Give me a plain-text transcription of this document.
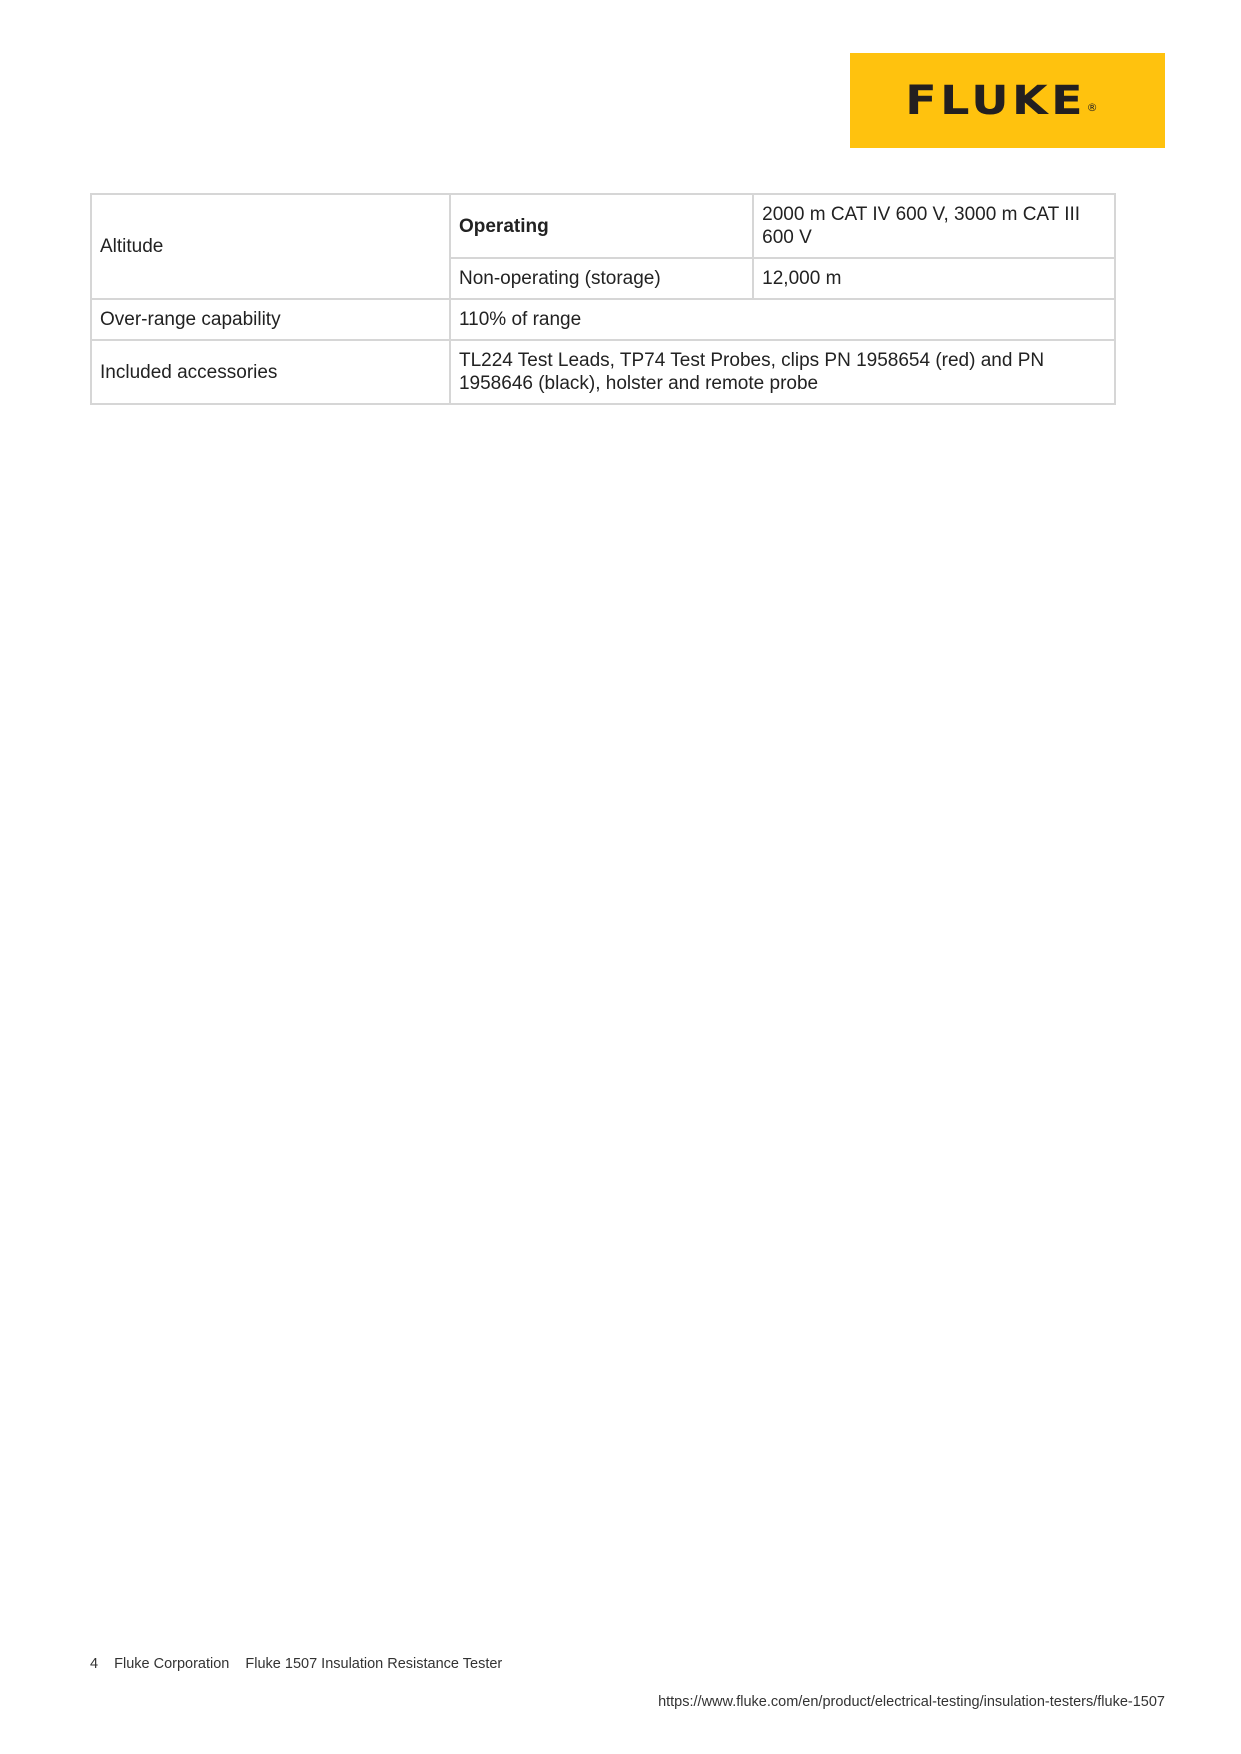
FLUKE ®
Altitude	Operating	2000 m CAT IV 600 V, 3000 m CAT III 600 V
	Non-operating (storage)	12,000 m
Over-range capability	110% of range	
Included accessories	TL224 Test Leads, TP74 Test Probes, clips PN 1958654 (red) and PN 1958646 (black), holster and remote probe	
4 Fluke Corporation Fluke 1507 Insulation Resistance Tester
https://www.fluke.com/en/product/electrical-testing/insulation-testers/fluke-1507
